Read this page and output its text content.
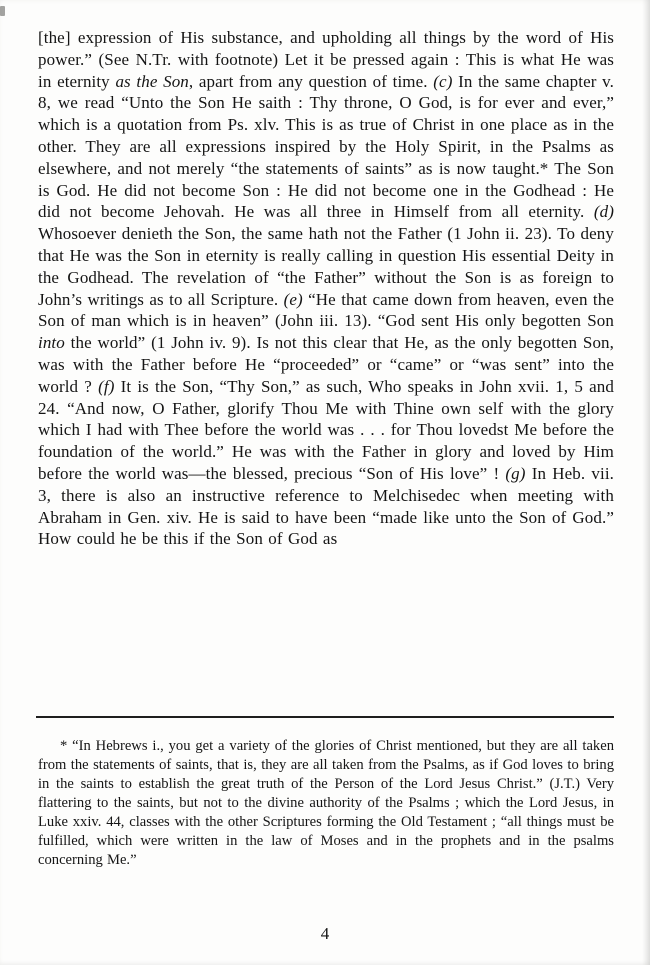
[the] expression of His substance, and upholding all things by the word of His power.” (See N.Tr. with footnote) Let it be pressed again : This is what He was in eternity as the Son, apart from any question of time. (c) In the same chapter v. 8, we read “Unto the Son He saith : Thy throne, O God, is for ever and ever,” which is a quotation from Ps. xlv. This is as true of Christ in one place as in the other. They are all expressions inspired by the Holy Spirit, in the Psalms as elsewhere, and not merely “the statements of saints” as is now taught.* The Son is God. He did not become Son : He did not become one in the Godhead : He did not become Jehovah. He was all three in Himself from all eternity. (d) Whosoever denieth the Son, the same hath not the Father (1 John ii. 23). To deny that He was the Son in eternity is really calling in question His essential Deity in the Godhead. The revelation of “the Father” without the Son is as foreign to John’s writings as to all Scripture. (e) “He that came down from heaven, even the Son of man which is in heaven” (John iii. 13). “God sent His only begotten Son into the world” (1 John iv. 9). Is not this clear that He, as the only begotten Son, was with the Father before He “proceeded” or “came” or “was sent” into the world ? (f) It is the Son, “Thy Son,” as such, Who speaks in John xvii. 1, 5 and 24. “And now, O Father, glorify Thou Me with Thine own self with the glory which I had with Thee before the world was . . . for Thou lovedst Me before the foundation of the world.” He was with the Father in glory and loved by Him before the world was—the blessed, precious “Son of His love” ! (g) In Heb. vii. 3, there is also an instructive reference to Melchisedec when meeting with Abraham in Gen. xiv. He is said to have been “made like unto the Son of God.” How could he be this if the Son of God as
* “In Hebrews i., you get a variety of the glories of Christ mentioned, but they are all taken from the statements of saints, that is, they are all taken from the Psalms, as if God loves to bring in the saints to establish the great truth of the Person of the Lord Jesus Christ.” (J.T.) Very flattering to the saints, but not to the divine authority of the Psalms ; which the Lord Jesus, in Luke xxiv. 44, classes with the other Scriptures forming the Old Testament ; “all things must be fulfilled, which were written in the law of Moses and in the prophets and in the psalms concerning Me.”
4
